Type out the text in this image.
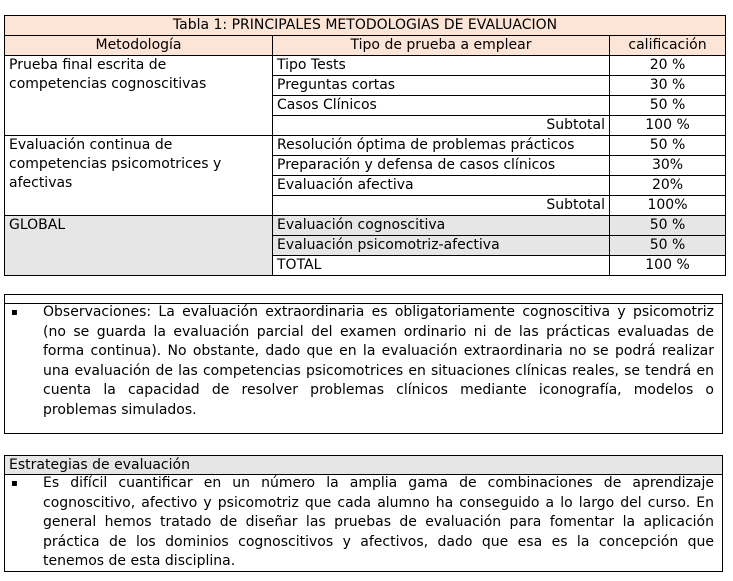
Tabla 1: PRINCIPALES METODOLOGIAS DE EVALUACION		
Metodología	Tipo de prueba a emplear	calificación
Prueba final escrita de competencias cognoscitivas	Tipo Tests	20 %
	Preguntas cortas	30 %
	Casos Clínicos	50 %
	Subtotal	100 %
Evaluación continua de competencias psicomotrices y afectivas	Resolución óptima de problemas prácticos	50 %
	Preparación y defensa de casos clínicos	30%
	Evaluación afectiva	20%
	Subtotal	100%
GLOBAL	Evaluación cognoscitiva	50 %
	Evaluación psicomotriz-afectiva	50 %
	TOTAL	100 %
▪	Observaciones: La evaluación extraordinaria es obligatoriamente cognoscitiva y psicomotriz (no se guarda la evaluación parcial del examen ordinario ni de las prácticas evaluadas de forma continua). No obstante, dado que en la evaluación extraordinaria no se podrá realizar una evaluación de las competencias psicomotrices en situaciones clínicas reales, se tendrá en cuenta la capacidad de resolver problemas clínicos mediante iconografía, modelos o problemas simulados.
Estrategias de evaluación
▪	Es difícil cuantificar en un número la amplia gama de combinaciones de aprendizaje cognoscitivo, afectivo y psicomotriz que cada alumno ha conseguido a lo largo del curso. En general hemos tratado de diseñar las pruebas de evaluación para fomentar la aplicación práctica de los dominios cognoscitivos y afectivos, dado que esa es la concepción que tenemos de esta disciplina.
